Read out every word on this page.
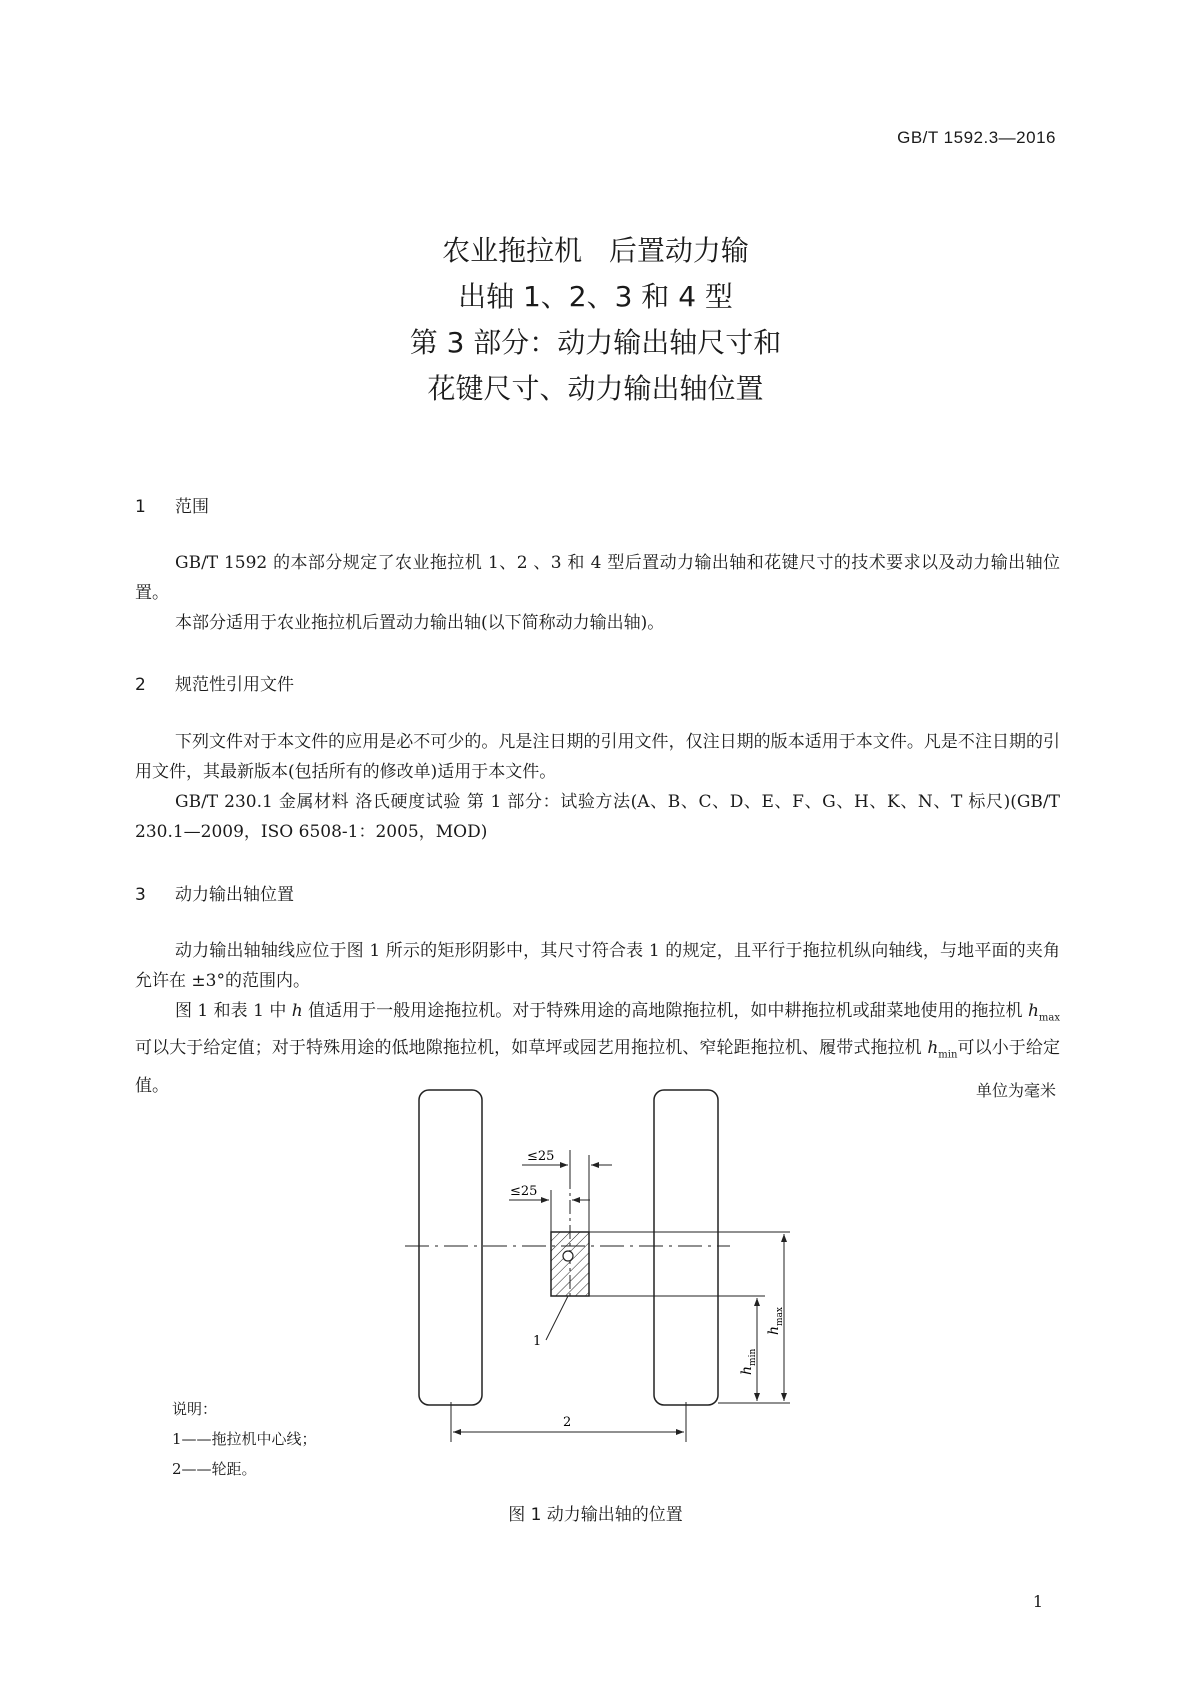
GB/T 1592.3—2016
农业拖拉机   后置动力输
出轴 1、2、3 和 4 型
第 3 部分：动力输出轴尺寸和
花键尺寸、动力输出轴位置
1 范围
GB/T 1592 的本部分规定了农业拖拉机 1、2 、3 和 4 型后置动力输出轴和花键尺寸的技术要求以及动力输出轴位置。
本部分适用于农业拖拉机后置动力输出轴(以下简称动力输出轴)。
2 规范性引用文件
下列文件对于本文件的应用是必不可少的。凡是注日期的引用文件，仅注日期的版本适用于本文件。凡是不注日期的引用文件，其最新版本(包括所有的修改单)适用于本文件。
GB/T 230.1 金属材料 洛氏硬度试验 第 1 部分：试验方法(A、B、C、D、E、F、G、H、K、N、T 标尺)(GB/T 230.1—2009，ISO 6508-1：2005，MOD)
3 动力输出轴位置
动力输出轴轴线应位于图 1 所示的矩形阴影中，其尺寸符合表 1 的规定，且平行于拖拉机纵向轴线，与地平面的夹角允许在 ±3°的范围内。
图 1 和表 1 中 h 值适用于一般用途拖拉机。对于特殊用途的高地隙拖拉机，如中耕拖拉机或甜菜地使用的拖拉机 $h_{max}$可以大于给定值；对于特殊用途的低地隙拖拉机，如草坪或园艺用拖拉机、窄轮距拖拉机、履带式拖拉机 $h_{min}$可以小于给定值。	单位为毫米
$h_{min}$
$h_{max}$
≤25
≤25
1
2
说明：
1——拖拉机中心线；
2——轮距。
图 1 动力输出轴的位置
1
